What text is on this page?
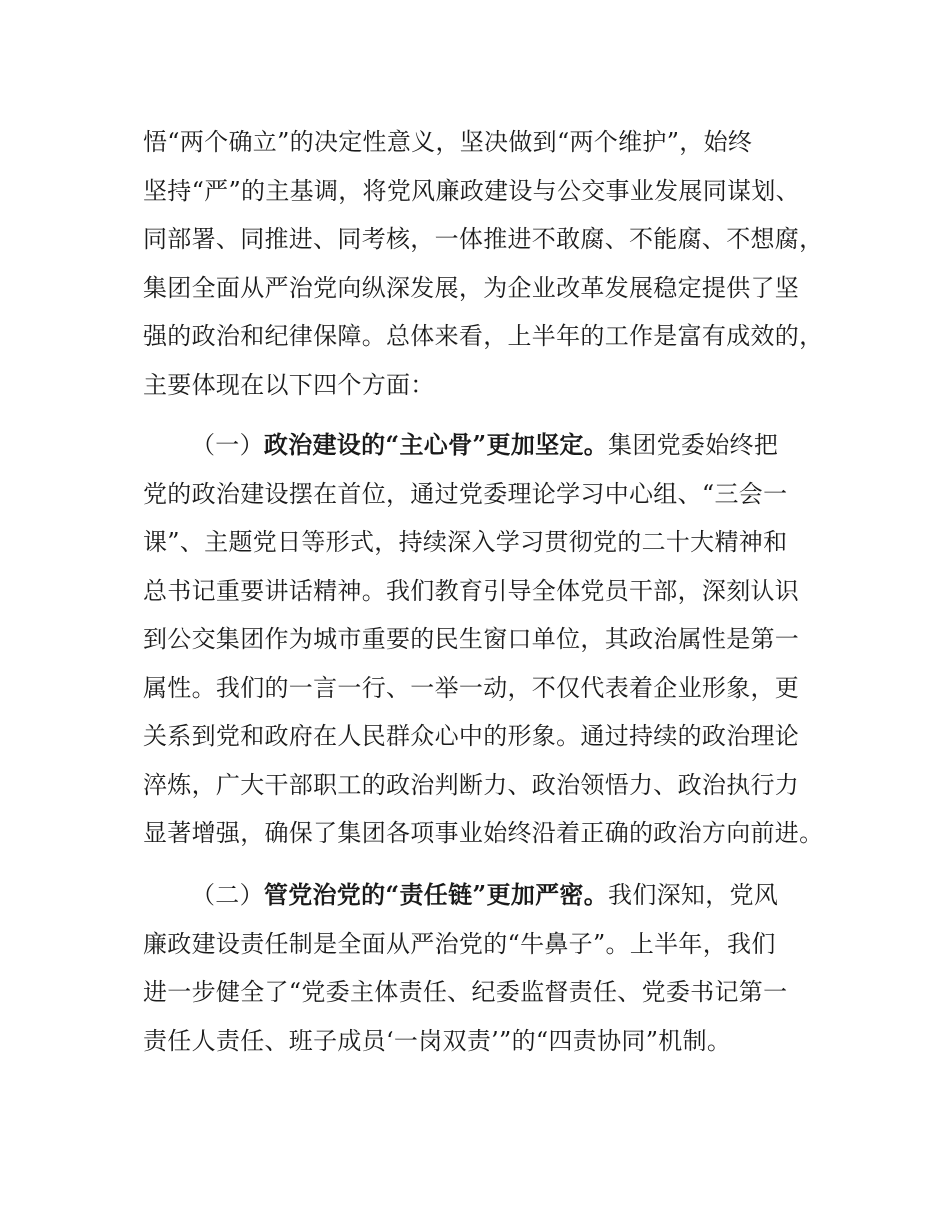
悟“两个确立”的决定性意义，坚决做到“两个维护”，始终
坚持“严”的主基调，将党风廉政建设与公交事业发展同谋划、
同部署、同推进、同考核，一体推进不敢腐、不能腐、不想腐，
集团全面从严治党向纵深发展，为企业改革发展稳定提供了坚
强的政治和纪律保障。总体来看，上半年的工作是富有成效的，
主要体现在以下四个方面：
（一）政治建设的“主心骨”更加坚定。集团党委始终把
党的政治建设摆在首位，通过党委理论学习中心组、“三会一
课”、主题党日等形式，持续深入学习贯彻党的二十大精神和
总书记重要讲话精神。我们教育引导全体党员干部，深刻认识
到公交集团作为城市重要的民生窗口单位，其政治属性是第一
属性。我们的一言一行、一举一动，不仅代表着企业形象，更
关系到党和政府在人民群众心中的形象。通过持续的政治理论
淬炼，广大干部职工的政治判断力、政治领悟力、政治执行力
显著增强，确保了集团各项事业始终沿着正确的政治方向前进。
（二）管党治党的“责任链”更加严密。我们深知，党风
廉政建设责任制是全面从严治党的“牛鼻子”。上半年，我们
进一步健全了“党委主体责任、纪委监督责任、党委书记第一
责任人责任、班子成员‘一岗双责’”的“四责协同”机制。
